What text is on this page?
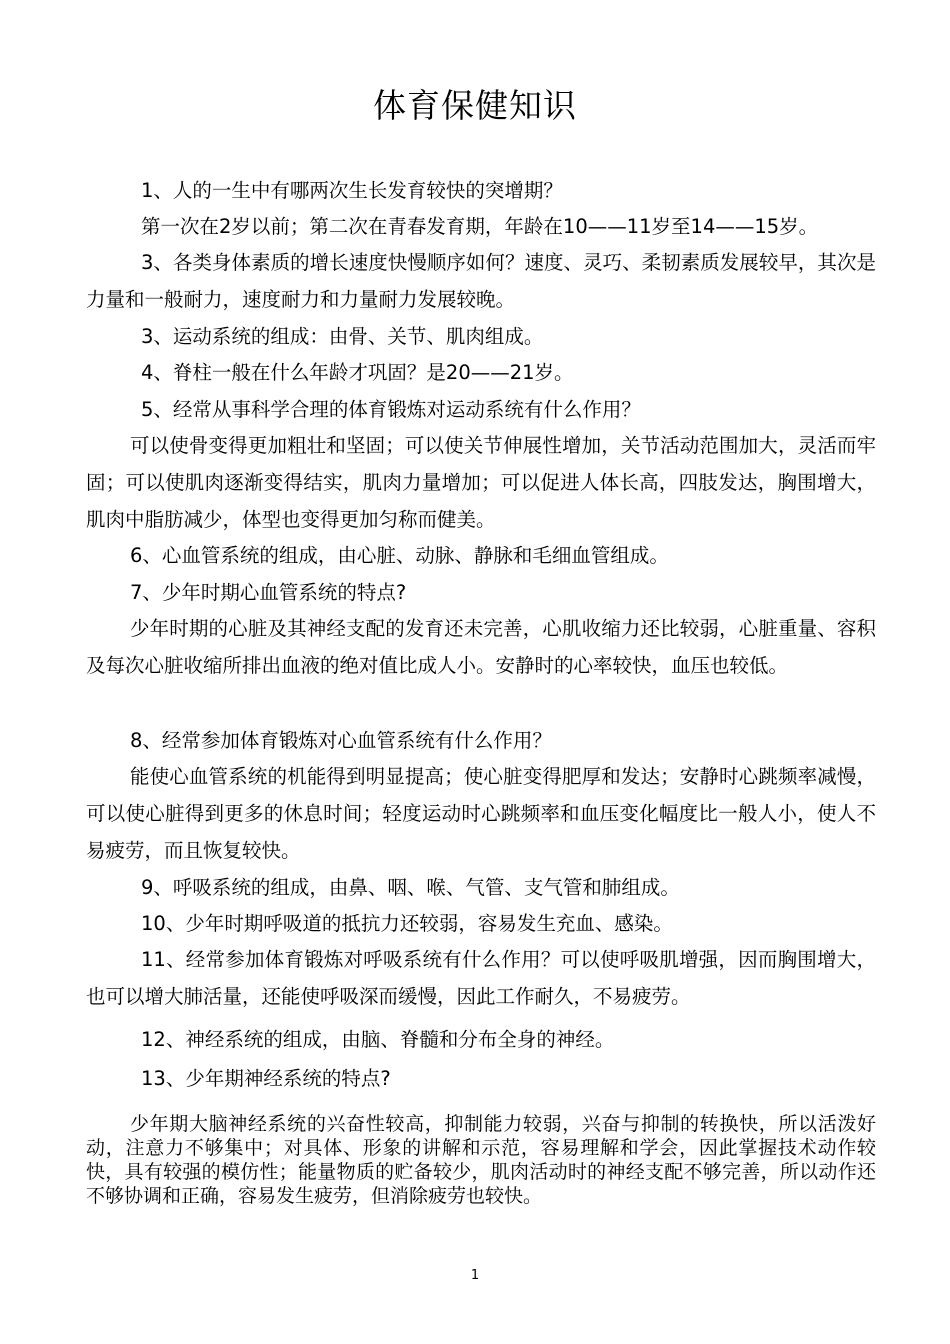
体育保健知识
1、人的一生中有哪两次生长发育较快的突增期？
第一次在2岁以前；第二次在青春发育期，年龄在10——11岁至14——15岁。
3、各类身体素质的增长速度快慢顺序如何？速度、灵巧、柔韧素质发展较早，其次是力量和一般耐力，速度耐力和力量耐力发展较晚。
3、运动系统的组成：由骨、关节、肌肉组成。
4、脊柱一般在什么年龄才巩固？是20——21岁。
5、经常从事科学合理的体育锻炼对运动系统有什么作用？
可以使骨变得更加粗壮和坚固；可以使关节伸展性增加，关节活动范围加大，灵活而牢固；可以使肌肉逐渐变得结实，肌肉力量增加；可以促进人体长高，四肢发达，胸围增大，肌肉中脂肪减少，体型也变得更加匀称而健美。
6、心血管系统的组成，由心脏、动脉、静脉和毛细血管组成。
7、少年时期心血管系统的特点?
少年时期的心脏及其神经支配的发育还未完善，心肌收缩力还比较弱，心脏重量、容积及每次心脏收缩所排出血液的绝对值比成人小。安静时的心率较快，血压也较低。
8、经常参加体育锻炼对心血管系统有什么作用？
能使心血管系统的机能得到明显提高；使心脏变得肥厚和发达；安静时心跳频率减慢，可以使心脏得到更多的休息时间；轻度运动时心跳频率和血压变化幅度比一般人小，使人不易疲劳，而且恢复较快。
9、呼吸系统的组成，由鼻、咽、喉、气管、支气管和肺组成。
10、少年时期呼吸道的抵抗力还较弱，容易发生充血、感染。
11、经常参加体育锻炼对呼吸系统有什么作用？可以使呼吸肌增强，因而胸围增大，也可以增大肺活量，还能使呼吸深而缓慢，因此工作耐久，不易疲劳。
12、神经系统的组成，由脑、脊髓和分布全身的神经。
13、少年期神经系统的特点?
少年期大脑神经系统的兴奋性较高，抑制能力较弱，兴奋与抑制的转换快，所以活泼好动，注意力不够集中；对具体、形象的讲解和示范，容易理解和学会，因此掌握技术动作较快，具有较强的模仿性；能量物质的贮备较少，肌肉活动时的神经支配不够完善，所以动作还不够协调和正确，容易发生疲劳，但消除疲劳也较快。
1
